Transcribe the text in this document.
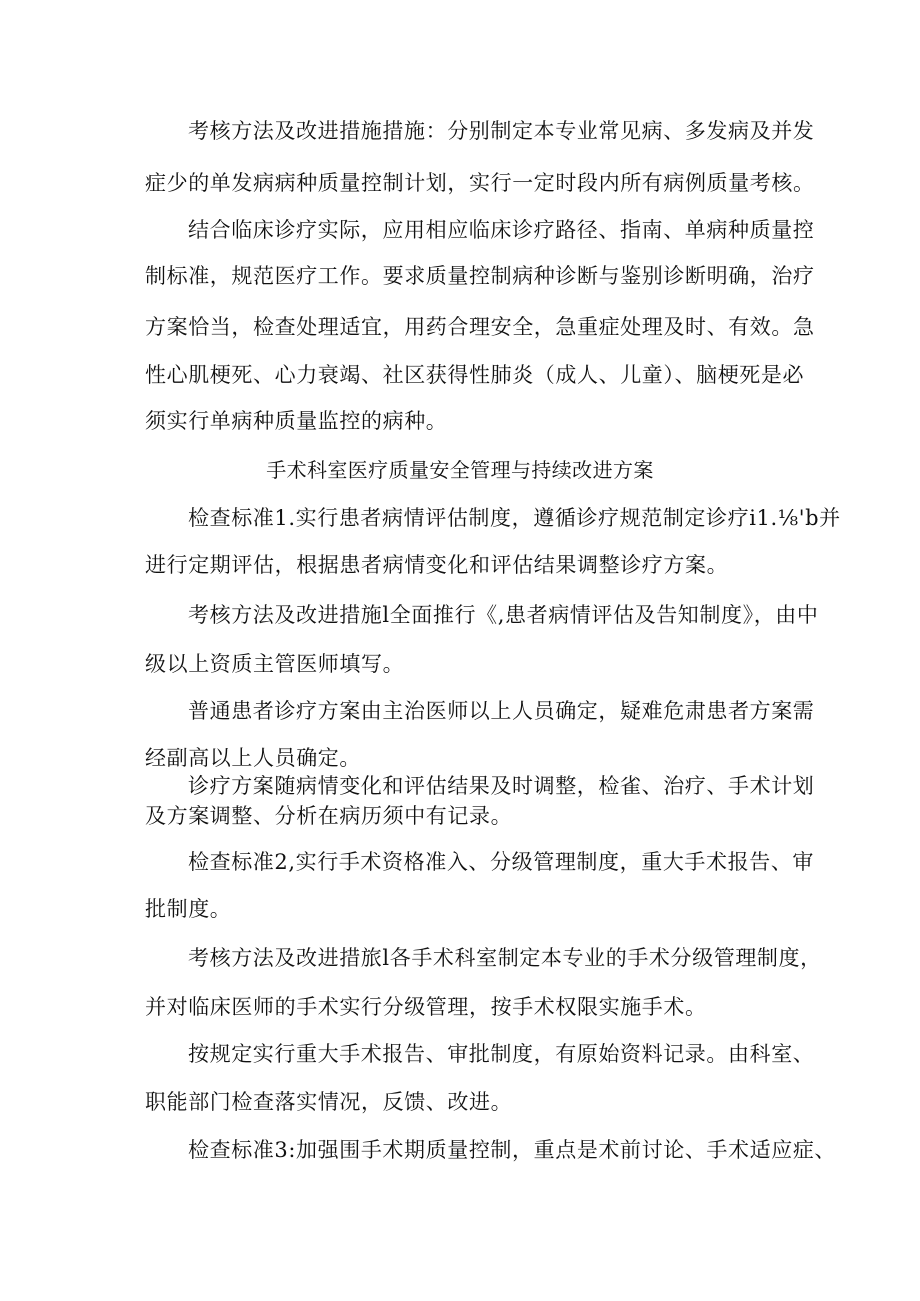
考核方法及改进措施措施：分别制定本专业常见病、多发病及并发
症少的单发病病种质量控制计划，实行一定时段内所有病例质量考核。
结合临床诊疗实际，应用相应临床诊疗路径、指南、单病种质量控
制标准，规范医疗工作。要求质量控制病种诊断与鉴别诊断明确，治疗
方案恰当，检查处理适宜，用药合理安全，急重症处理及时、有效。急
性心肌梗死、心力衰竭、社区获得性肺炎（成人、儿童）、脑梗死是必
须实行单病种质量监控的病种。
手术科室医疗质量安全管理与持续改进方案
检查标准1.实行患者病情评估制度，遵循诊疗规范制定诊疗i1.⅛'b并
进行定期评估，根据患者病情变化和评估结果调整诊疗方案。
考核方法及改进措施l全面推行《,患者病情评估及告知制度》，由中
级以上资质主管医师填写。
普通患者诊疗方案由主治医师以上人员确定，疑难危肃患者方案需
经副高以上人员确定。
诊疗方案随病情变化和评估结果及时调整，检雀、治疗、手术计划
及方案调整、分析在病历须中有记录。
检查标准2,实行手术资格准入、分级管理制度，重大手术报告、审
批制度。
考核方法及改进措旅l各手术科室制定本专业的手术分级管理制度，
并对临床医师的手术实行分级管理，按手术权限实施手术。
按规定实行重大手术报告、审批制度，有原始资料记录。由科室、
职能部门检查落实情况，反馈、改进。
检查标准3:加强围手术期质量控制，重点是术前讨论、手术适应症、
